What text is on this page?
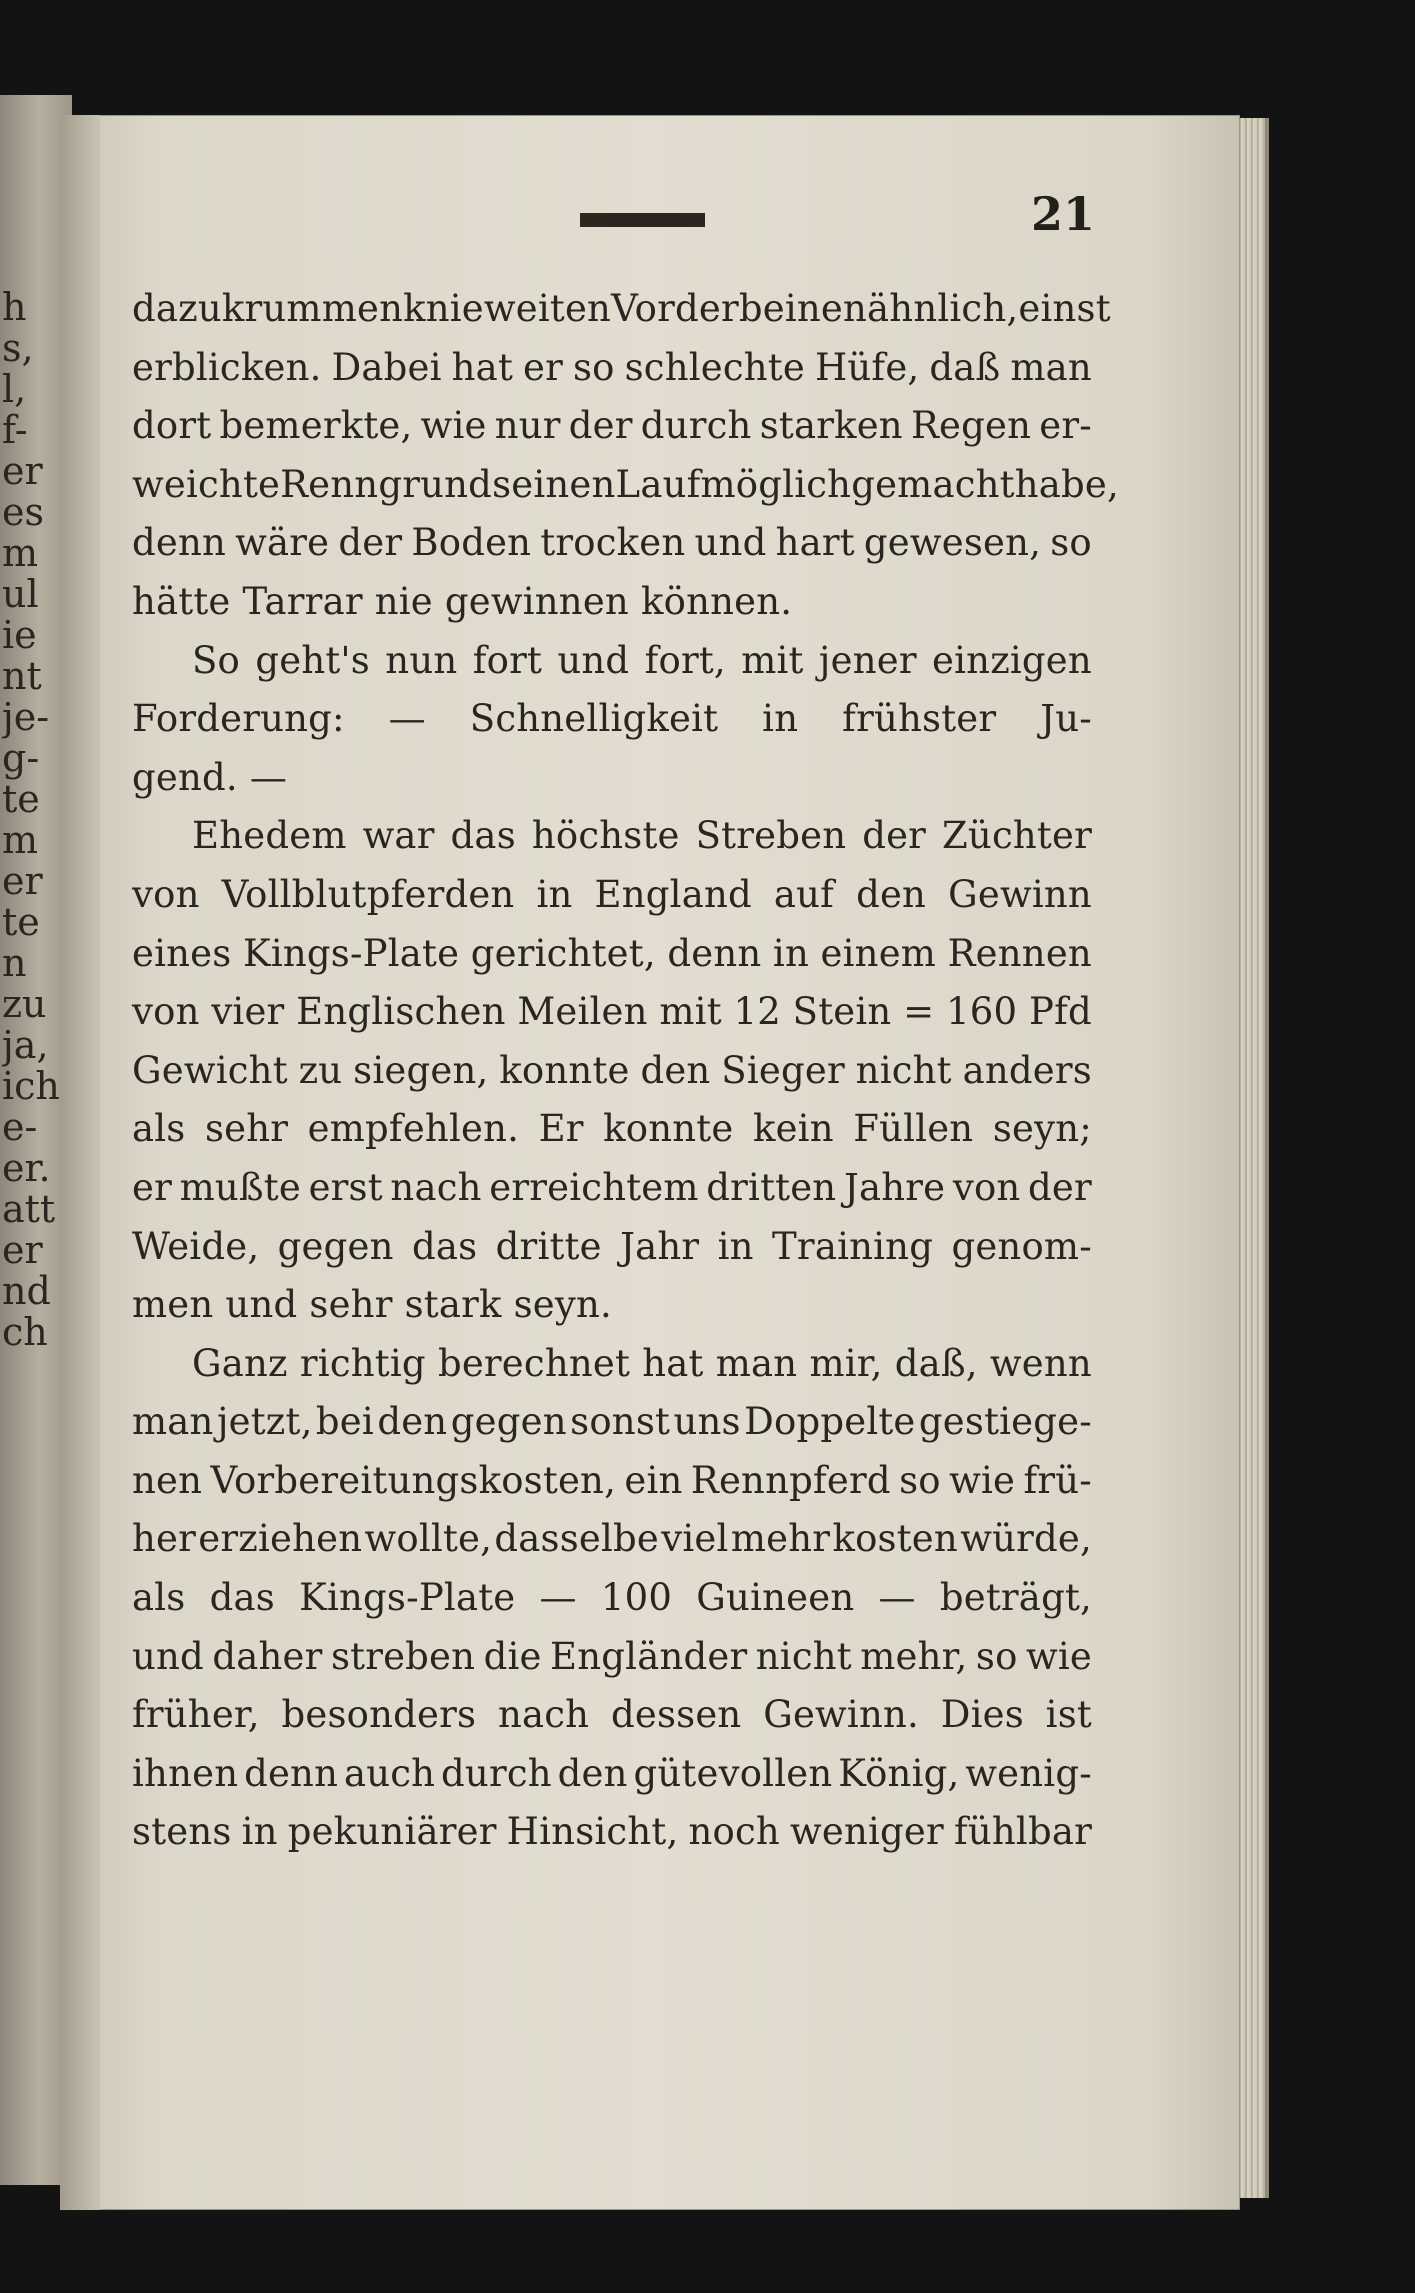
h
s,
l,
f-
er
es
m
ul
ie
nt
je-
g-
te
m
er
te
n
zu
ja,
ich
e-
er.
att
er
nd
ch
21
dazu krummen knieweiten Vorderbeinen ähnlich, einst
erblicken. Dabei hat er so schlechte Hüfe, daß man
dort bemerkte, wie nur der durch starken Regen er-
weichte Renngrund seinen Lauf möglich gemacht habe,
denn wäre der Boden trocken und hart gewesen, so
hätte Tarrar nie gewinnen können.
So geht's nun fort und fort, mit jener einzigen
Forderung: — Schnelligkeit in frühster Ju-
gend. —
Ehedem war das höchste Streben der Züchter
von Vollblutpferden in England auf den Gewinn
eines Kings-Plate gerichtet, denn in einem Rennen
von vier Englischen Meilen mit 12 Stein = 160 Pfd
Gewicht zu siegen, konnte den Sieger nicht anders
als sehr empfehlen. Er konnte kein Füllen seyn;
er mußte erst nach erreichtem dritten Jahre von der
Weide, gegen das dritte Jahr in Training genom-
men und sehr stark seyn.
Ganz richtig berechnet hat man mir, daß, wenn
man jetzt, bei den gegen sonst uns Doppelte gestiege-
nen Vorbereitungskosten, ein Rennpferd so wie frü-
her erziehen wollte, dasselbe viel mehr kosten würde,
als das Kings-Plate — 100 Guineen — beträgt,
und daher streben die Engländer nicht mehr, so wie
früher, besonders nach dessen Gewinn. Dies ist
ihnen denn auch durch den gütevollen König, wenig-
stens in pekuniärer Hinsicht, noch weniger fühlbar
